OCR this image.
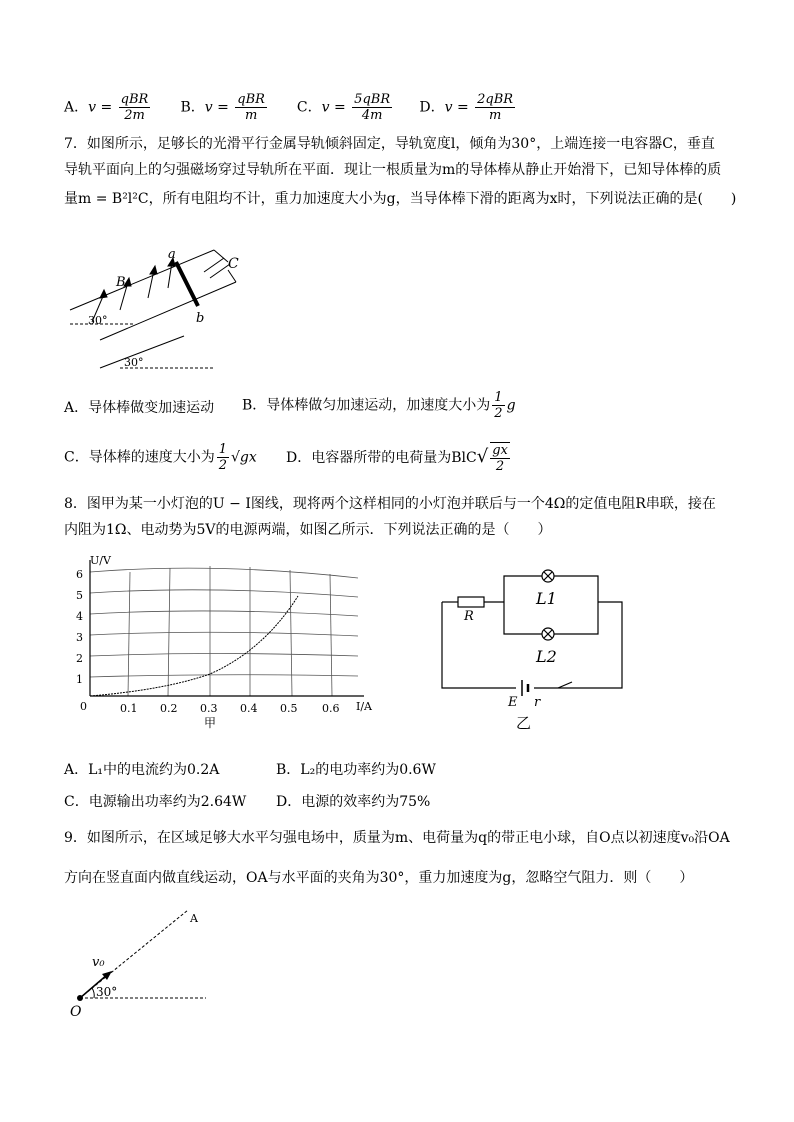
A．$v = \frac{\text{qBR}}{2m}$ B．$v = \frac{\text{qBR}}{m}$ C．$v = \frac{\text{5qBR}}{4m}$ D．$v = \frac{\text{2qBR}}{m}$
7．如图所示，足够长的光滑平行金属导轨倾斜固定，导轨宽度l，倾角为30°，上端连接一电容器C，垂直
导轨平面向上的匀强磁场穿过导轨所在平面．现让一根质量为m的导体棒从静止开始滑下，已知导体棒的质
量m = B²l²C，所有电阻均不计，重力加速度大小为g，当导体棒下滑的距离为x时，下列说法正确的是(　　)
B
a
b
C
30°
30°
A．导体棒做变加速运动 B．导体棒做匀加速运动，加速度大小为 $\frac{1}{2}$ g
C．导体棒的速度大小为 $\frac{1}{2} √gx$ D．电容器所带的电荷量为$BlC√ \frac{gx}{2}$
8．图甲为某一小灯泡的U − I图线，现将两个这样相同的小灯泡并联后与一个4Ω的定值电阻R串联，接在
内阻为1Ω、电动势为5V的电源两端，如图乙所示．下列说法正确的是（　　）
U/V
I/A
6
5
4
3
2
1
0	0.1 0.2 0.3 0.4 0.5 0.6
甲
R
L1
L2
E r
乙
A．L₁中的电流约为0.2A	B．L₂的电功率约为0.6W
C．电源输出功率约为2.64W D．电源的效率约为75%
9．如图所示，在区域足够大水平匀强电场中，质量为m、电荷量为q的带正电小球，自O点以初速度v₀沿OA
方向在竖直面内做直线运动，OA与水平面的夹角为30°，重力加速度为g，忽略空气阻力．则（　　）
A
v₀
30°
O
